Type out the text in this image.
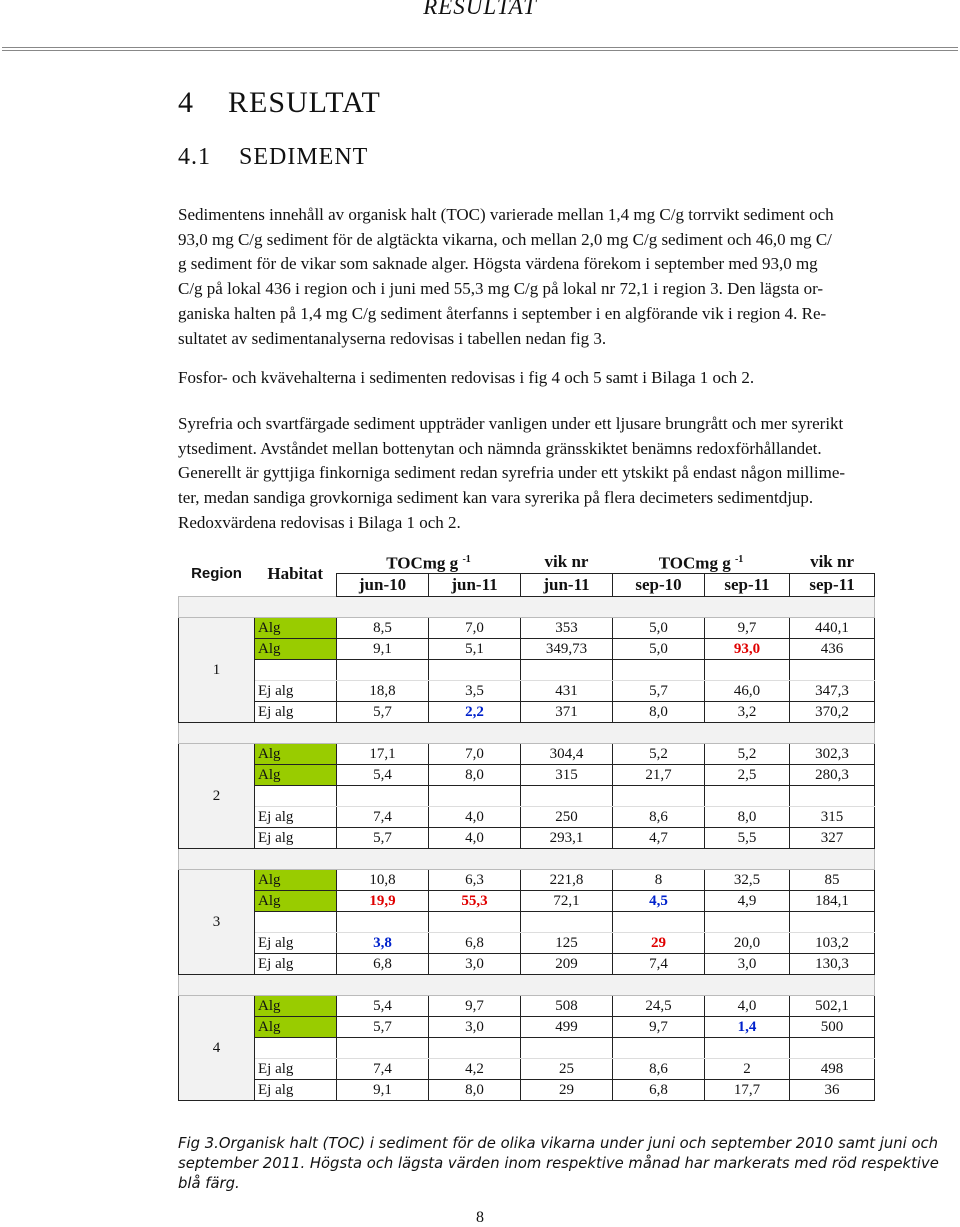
RESULTAT
4    RESULTAT
4.1    SEDIMENT
Sedimentens innehåll av organisk halt (TOC) varierade mellan 1,4 mg C/g torrvikt sediment och
93,0 mg C/g sediment för de algtäckta vikarna, och mellan 2,0 mg C/g sediment och 46,0 mg C/
g sediment för de vikar som saknade alger. Högsta värdena förekom i september med 93,0 mg
C/g på lokal 436 i region och i juni med 55,3 mg C/g på lokal nr 72,1 i region 3. Den lägsta or-
ganiska halten på 1,4 mg C/g sediment återfanns i september i en algförande vik i region 4. Re-
sultatet av sedimentanalyserna redovisas i tabellen nedan fig 3.
Fosfor- och kvävehalterna i sedimenten redovisas i fig 4 och 5 samt i Bilaga 1 och 2.
Syrefria och svartfärgade sediment uppträder vanligen under ett ljusare brungrått och mer syrerikt
ytsediment. Avståndet mellan bottenytan och nämnda gränsskiktet benämns redoxförhållandet.
Generellt är gyttjiga finkorniga sediment redan syrefria under ett ytskikt på endast någon millime-
ter, medan sandiga grovkorniga sediment kan vara syrerika på flera decimeters sedimentdjup.
Redoxvärdena redovisas i Bilaga 1 och 2.
Region	Habitat	TOCmg g $^{-1}$		vik nr	TOCmg g $^{-1}$		vik nr
		jun-10	jun-11	jun-11	sep-10	sep-11	sep-11

1	Alg	8,5	7,0	353	5,0	9,7	440,1
	Alg	9,1	5,1	349,73	5,0	93,0	436

	Ej alg	18,8	3,5	431	5,7	46,0	347,3
	Ej alg	5,7	2,2	371	8,0	3,2	370,2

2	Alg	17,1	7,0	304,4	5,2	5,2	302,3
	Alg	5,4	8,0	315	21,7	2,5	280,3

	Ej alg	7,4	4,0	250	8,6	8,0	315
	Ej alg	5,7	4,0	293,1	4,7	5,5	327

3	Alg	10,8	6,3	221,8	8	32,5	85
	Alg	19,9	55,3	72,1	4,5	4,9	184,1

	Ej alg	3,8	6,8	125	29	20,0	103,2
	Ej alg	6,8	3,0	209	7,4	3,0	130,3

4	Alg	5,4	9,7	508	24,5	4,0	502,1
	Alg	5,7	3,0	499	9,7	1,4	500

	Ej alg	7,4	4,2	25	8,6	2	498
	Ej alg	9,1	8,0	29	6,8	17,7	36
Fig 3.Organisk halt (TOC) i sediment för de olika vikarna under juni och september 2010 samt juni och
september 2011. Högsta och lägsta värden inom respektive månad har markerats med röd respektive
blå färg.
8
